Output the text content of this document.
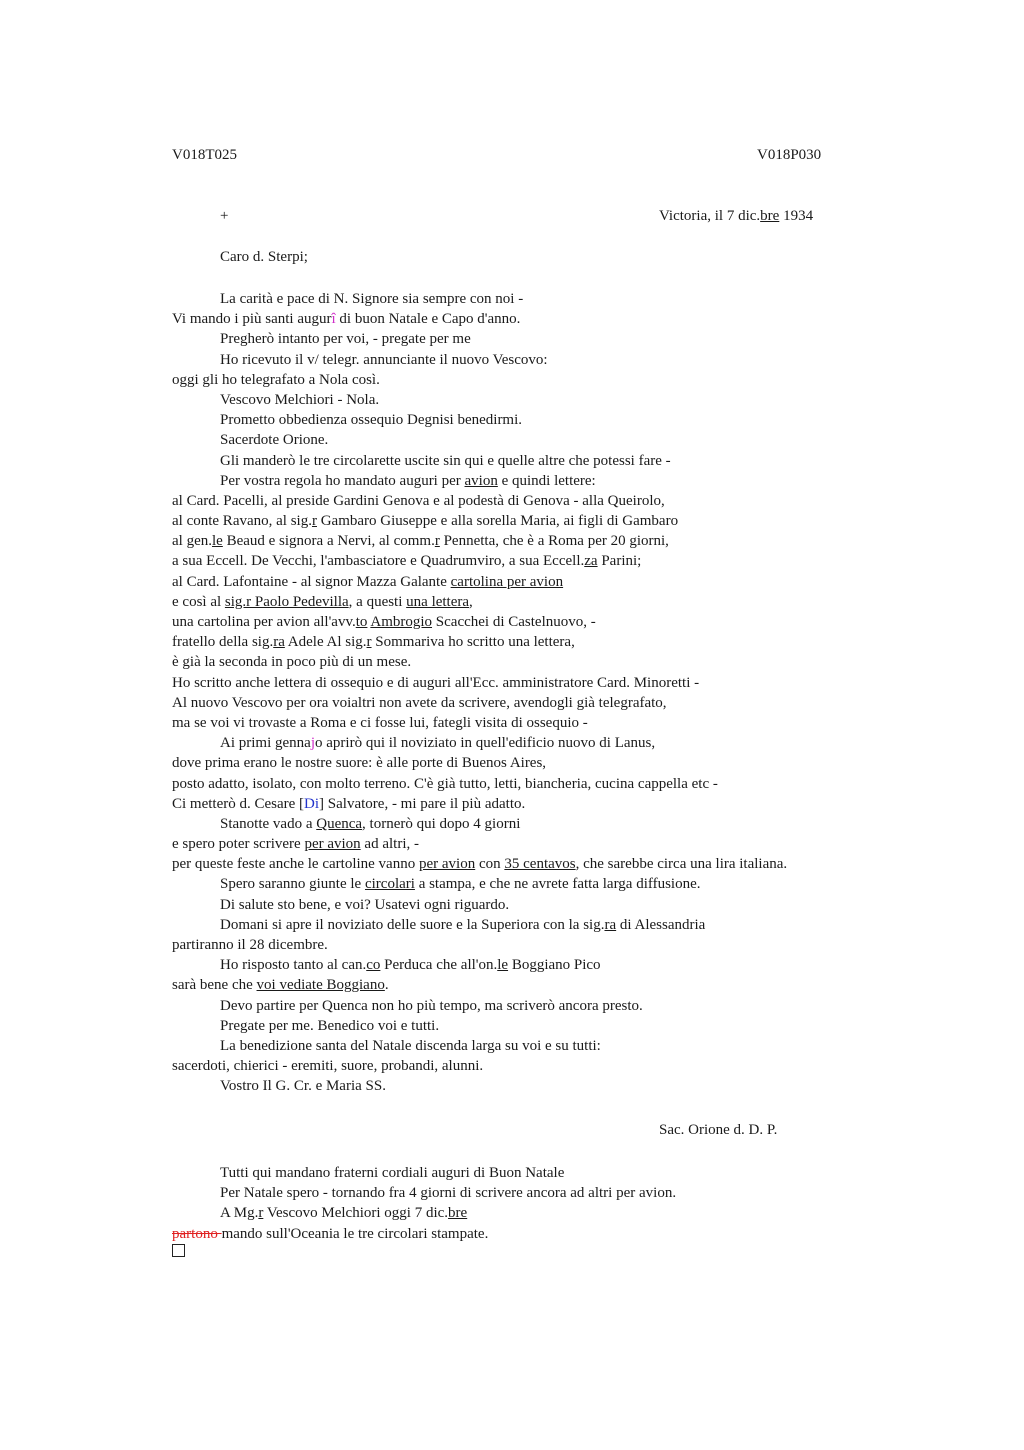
V018T025	V018P030
+	Victoria, il 7 dic.bre 1934
Caro d. Sterpi;
La carità e pace di N. Signore sia sempre con noi -
Vi mando i più santi augurî di buon Natale e Capo d'anno.
Pregherò intanto per voi, - pregate per me
Ho ricevuto il v/ telegr. annunciante il nuovo Vescovo:
oggi gli ho telegrafato a Nola così.
Vescovo Melchiori - Nola.
Prometto obbedienza ossequio Degnisi benedirmi.
Sacerdote Orione.
Gli manderò le tre circolarette uscite sin qui e quelle altre che potessi fare -
Per vostra regola ho mandato auguri per avion e quindi lettere:
al Card. Pacelli, al preside Gardini Genova e al podestà di Genova - alla Queirolo,
al conte Ravano, al sig.r Gambaro Giuseppe e alla sorella Maria, ai figli di Gambaro
al gen.le Beaud e signora a Nervi, al comm.r Pennetta, che è a Roma per 20 giorni,
a sua Eccell. De Vecchi, l'ambasciatore e Quadrumviro, a sua Eccell.za Parini;
al Card. Lafontaine - al signor Mazza Galante cartolina per avion
e così al sig.r Paolo Pedevilla, a questi una lettera,
una cartolina per avion all'avv.to Ambrogio Scacchei di Castelnuovo, -
fratello della sig.ra Adele Al sig.r Sommariva ho scritto una lettera,
è già la seconda in poco più di un mese.
Ho scritto anche lettera di ossequio e di auguri all'Ecc. amministratore Card. Minoretti -
Al nuovo Vescovo per ora voialtri non avete da scrivere, avendogli già telegrafato,
ma se voi vi trovaste a Roma e ci fosse lui, fategli visita di ossequio -
Ai primi gennajo aprirò qui il noviziato in quell'edificio nuovo di Lanus,
dove prima erano le nostre suore: è alle porte di Buenos Aires,
posto adatto, isolato, con molto terreno. C'è già tutto, letti, biancheria, cucina cappella etc -
Ci metterò d. Cesare [Di] Salvatore, - mi pare il più adatto.
Stanotte vado a Quenca, tornerò qui dopo 4 giorni
e spero poter scrivere per avion ad altri, -
per queste feste anche le cartoline vanno per avion con 35 centavos, che sarebbe circa una lira italiana.
Spero saranno giunte le circolari a stampa, e che ne avrete fatta larga diffusione.
Di salute sto bene, e voi? Usatevi ogni riguardo.
Domani si apre il noviziato delle suore e la Superiora con la sig.ra di Alessandria
partiranno il 28 dicembre.
Ho risposto tanto al can.co Perduca che all'on.le Boggiano Pico
sarà bene che voi vediate Boggiano.
Devo partire per Quenca non ho più tempo, ma scriverò ancora presto.
Pregate per me. Benedico voi e tutti.
La benedizione santa del Natale discenda larga su voi e su tutti:
sacerdoti, chierici - eremiti, suore, probandi, alunni.
Vostro Il G. Cr. e Maria SS.
Sac. Orione d. D. P.
Tutti qui mandano fraterni cordiali auguri di Buon Natale
Per Natale spero - tornando fra 4 giorni di scrivere ancora ad altri per avion.
A Mg.r Vescovo Melchiori oggi 7 dic.bre
partono mando sull'Oceania le tre circolari stampate.
